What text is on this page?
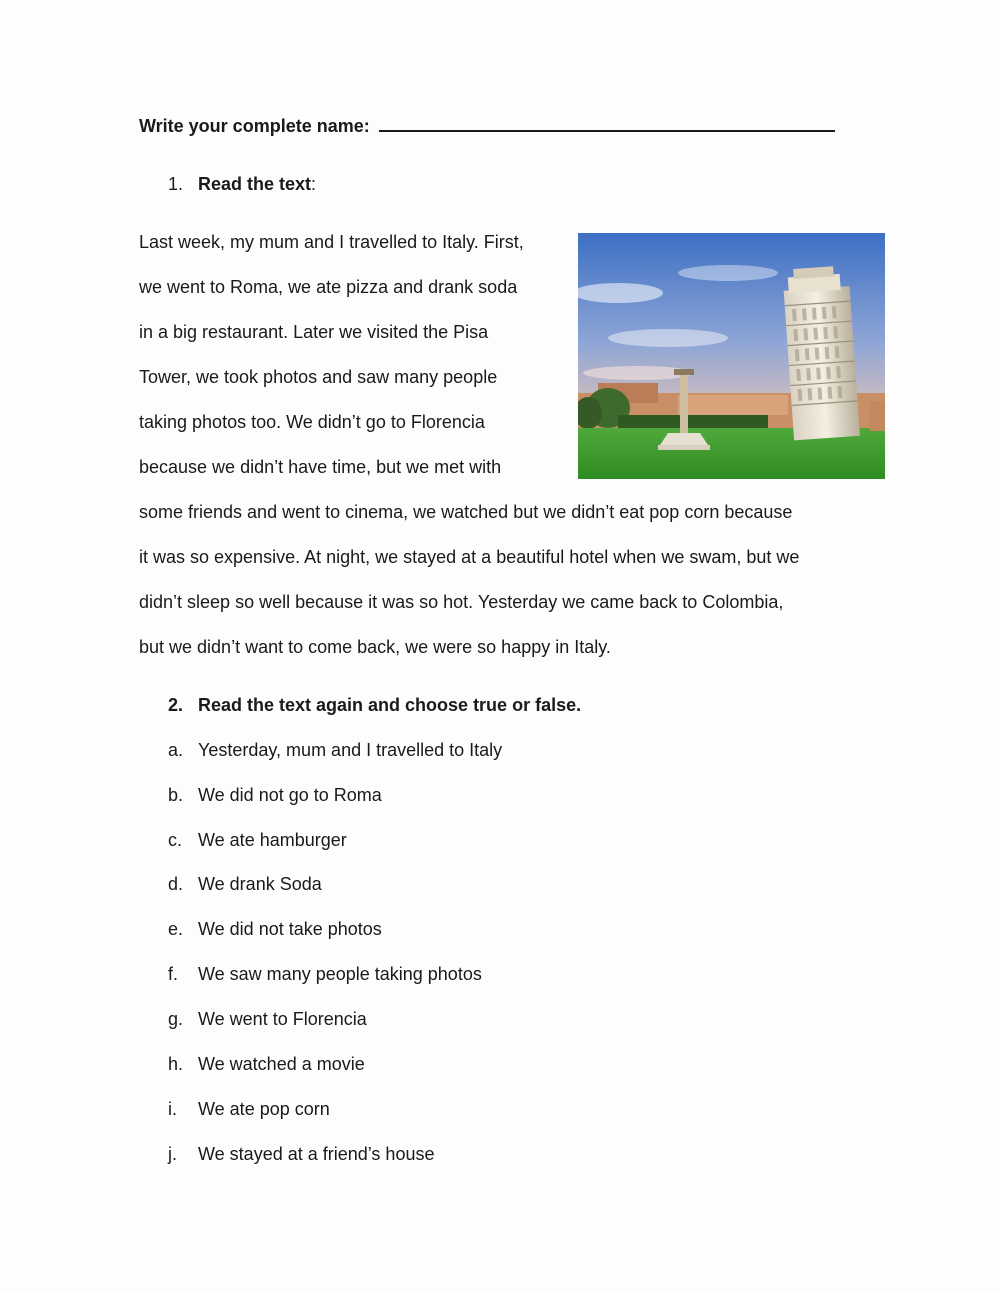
Write your complete name:
1. Read the text:
Last week, my mum and I travelled to Italy. First,
we went to Roma, we ate pizza and drank soda
in a big restaurant. Later we visited the Pisa
Tower, we took photos and saw many people
taking photos too. We didn’t go to Florencia
because we didn’t have time, but we met with
some friends and went to cinema, we watched but we didn’t eat pop corn because
it was so expensive. At night, we stayed at a beautiful hotel when we swam, but we
didn’t sleep so well because it was so hot. Yesterday we came back to Colombia,
but we didn’t want to come back, we were so happy in Italy.
2. Read the text again and choose true or false.
a. Yesterday, mum and I travelled to Italy
b. We did not go to Roma
c. We ate hamburger
d. We drank Soda
e. We did not take photos
f. We saw many people taking photos
g. We went to Florencia
h. We watched a movie
i. We ate pop corn
j. We stayed at a friend’s house
